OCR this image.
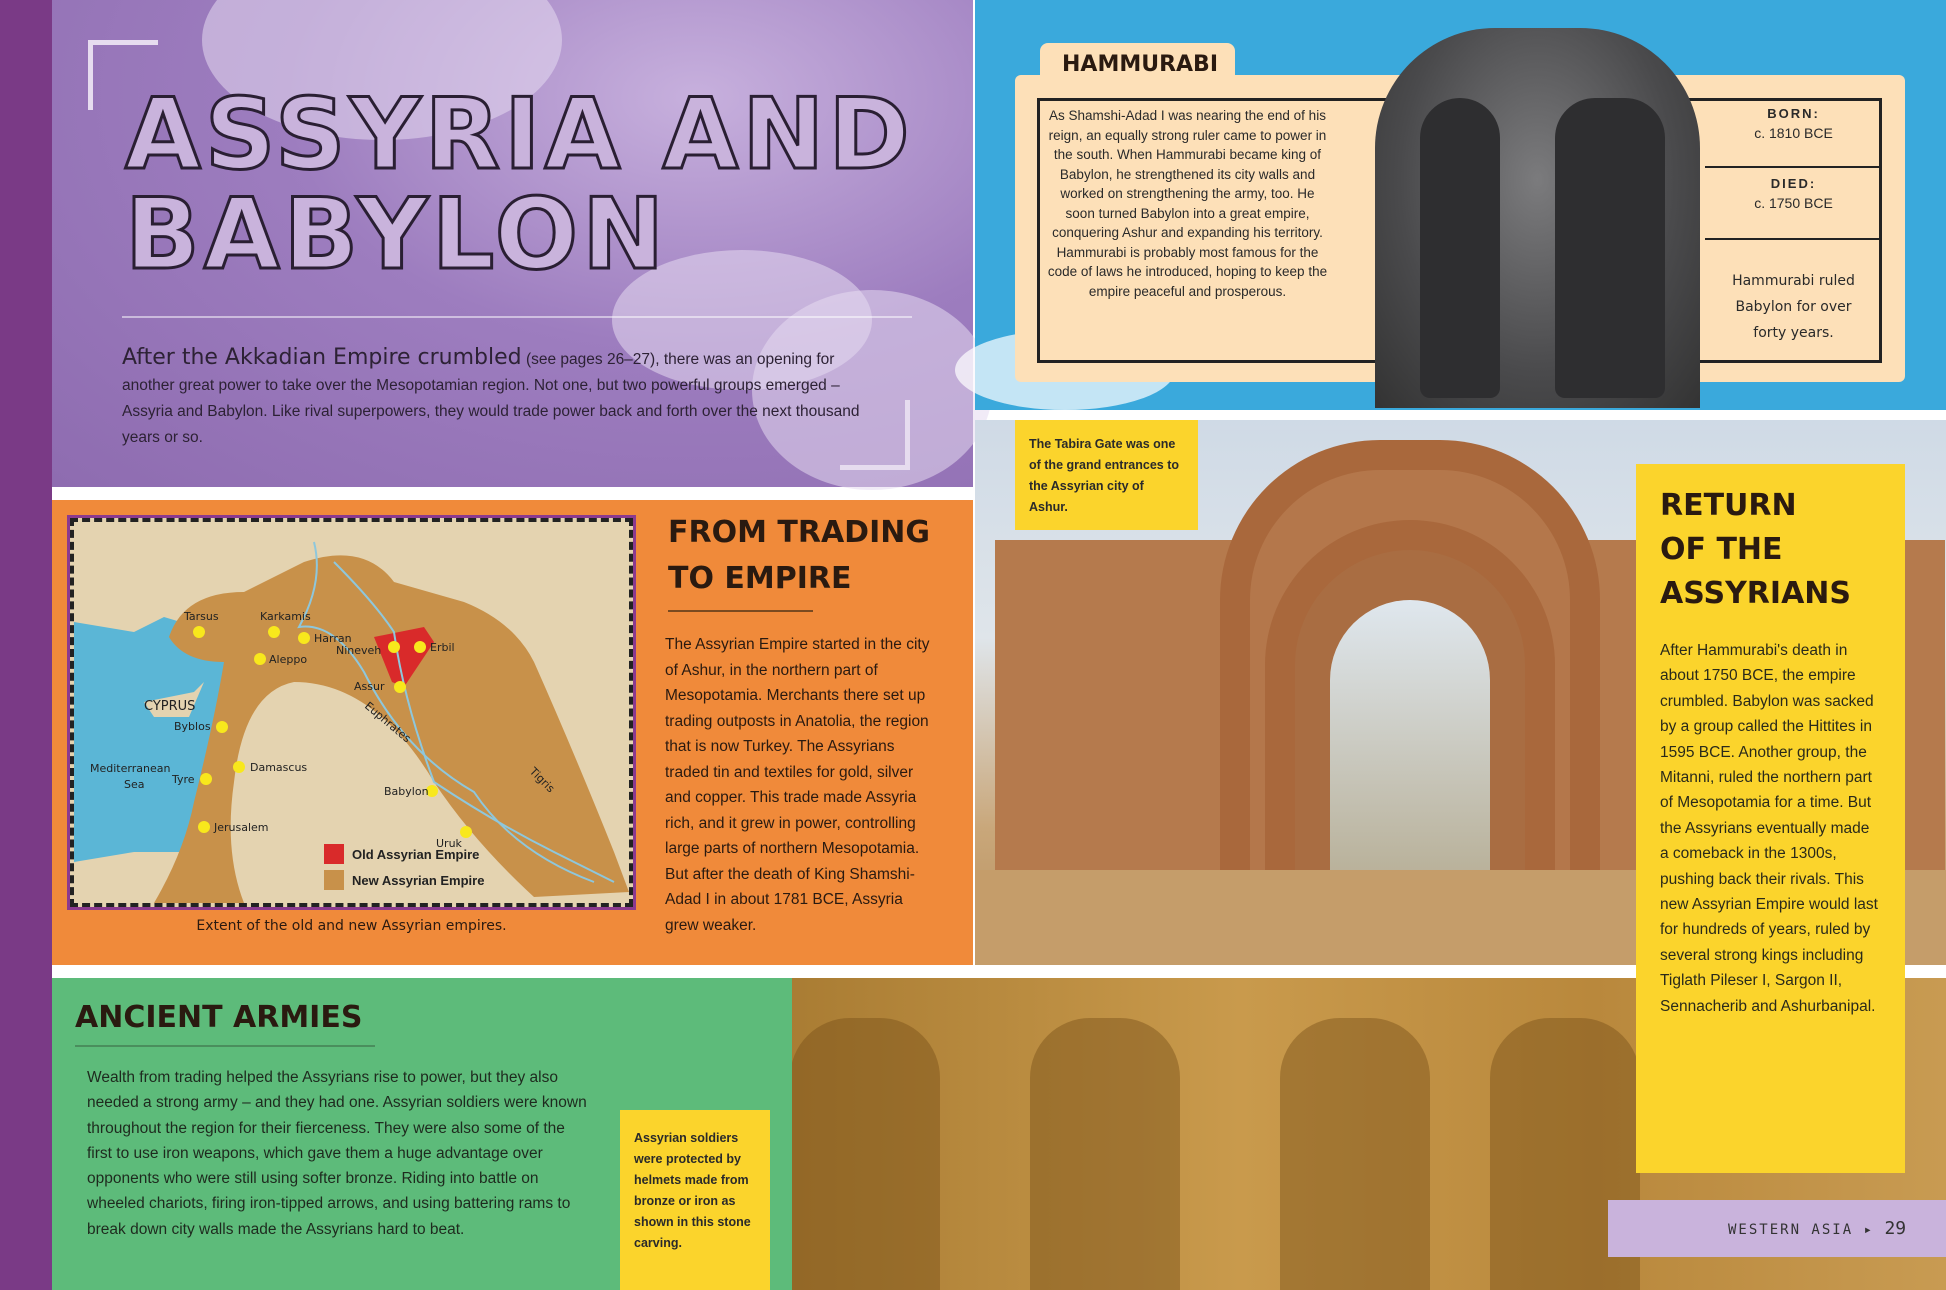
ASSYRIA AND
BABYLON
After the Akkadian Empire crumbled (see pages 26–27), there was an opening for another great power to take over the Mesopotamian region. Not one, but two powerful groups emerged – Assyria and Babylon. Like rival superpowers, they would trade power back and forth over the next thousand years or so.
Tarsus	Karkamis
Harran
Aleppo
Nineveh	Erbil
Assur
Byblos
Damascus
Tyre
Babylon
Jerusalem
Uruk
CYPRUS
Mediterranean
Sea
Euphrates
Tigris
Old Assyrian Empire
New Assyrian Empire
Extent of the old and new Assyrian empires.
FROM TRADING
TO EMPIRE
The Assyrian Empire started in the city of Ashur, in the northern part of Mesopotamia. Merchants there set up trading outposts in Anatolia, the region that is now Turkey. The Assyrians traded tin and textiles for gold, silver and copper. This trade made Assyria rich, and it grew in power, controlling large parts of northern Mesopotamia. But after the death of King Shamshi-Adad I in about 1781 BCE, Assyria grew weaker.
HAMMURABI
As Shamshi-Adad I was nearing the end of his reign, an equally strong ruler came to power in the south. When Hammurabi became king of Babylon, he strengthened its city walls and worked on strengthening the army, too. He soon turned Babylon into a great empire, conquering Ashur and expanding his territory. Hammurabi is probably most famous for the code of laws he introduced, hoping to keep the empire peaceful and prosperous.
BORN:
c. 1810 BCE
DIED:
c. 1750 BCE
Hammurabi ruled Babylon for over forty years.
The Tabira Gate was one of the grand entrances to the Assyrian city of Ashur.	RETURN
OF THE
ASSYRIANS
After Hammurabi's death in about 1750 BCE, the empire crumbled. Babylon was sacked by a group called the Hittites in 1595 BCE. Another group, the Mitanni, ruled the northern part of Mesopotamia for a time. But the Assyrians eventually made a comeback in the 1300s, pushing back their rivals. This new Assyrian Empire would last for hundreds of years, ruled by several strong kings including Tiglath Pileser I, Sargon II, Sennacherib and Ashurbanipal.
ANCIENT ARMIES
Wealth from trading helped the Assyrians rise to power, but they also needed a strong army – and they had one. Assyrian soldiers were known throughout the region for their fierceness. They were also some of the first to use iron weapons, which gave them a huge advantage over opponents who were still using softer bronze. Riding into battle on wheeled chariots, firing iron-tipped arrows, and using battering rams to break down city walls made the Assyrians hard to beat.
Assyrian soldiers were protected by helmets made from bronze or iron as shown in this stone carving.
WESTERN ASIA ▸ 29
